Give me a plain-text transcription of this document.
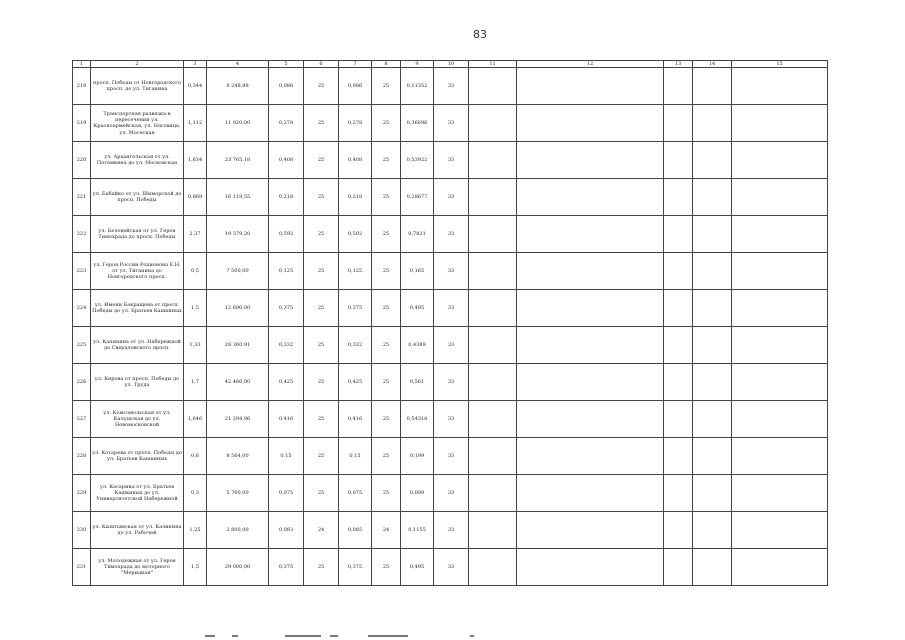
83
1	2	3	4	5	6	7	8	9	10	11	12	13	14	15
218	просп. Победы от Новгородского просп. до ул. Тиганина	0,344	8 248,88	0,086	25	0,086	25	0,11352	33					
219	Транспортная развязка в пересечении ул. Красноармейская, ул. Наговица, ул. Мосеская	1,112	11 920,00	0,278	25	0,278	25	0,36696	33					
220	ул. Архангельская от ул. Потемкина до ул. Московская	1,634	23 765,18	0,408	25	0,408	25	0,53922	33					
221	ул. Бабайко от ул. Шиморской до просп. Победы	0,869	16 119,55	0,218	25	0,218	25	0,28677	33					
222	ул. Беловейская от ул. Героя Тимохрада до просп. Победы	2,37	19 379,20	0,592	25	0,592	25	0,7821	33					
223	ул. Героя России Родионова Е.Н. от ул. Тиганина до Новгородского просп.	0,5	7 500,00	0,125	25	0,125	25	0,165	33					
224	ул. Имени Бакращева от просп. Победы до ул. Братьев Кашкиных	1,5	12 690,00	0,375	25	0,375	25	0,495	33					
225	ул. Капинина от ул. Набережной до Свердловского просп.	1,33	28 360,91	0,332	25	0,332	25	0,4389	33					
226	ул. Кирова от просп. Победы до ул. Труда	1,7	42 466,00	0,425	25	0,425	25	0,561	33					
227	ул. Комсомольская от ул. Калушская до ул. Новомосковской	1,646	21 294,96	0,416	25	0,416	25	0,54318	33					
228	ул. Котарева от просп. Победы до ул. Братьев Кашкиных	0,6	8 564,00	0,15	25	0,15	25	0,199	33					
229	ул. Косарина от ул. Братьев Кашкиных до ул. Университетской Набережной	0,3	5 760,00	0,075	25	0,075	25	0,099	33					
230	ул. Кыштымская от ул. Калинина до ул. Рабочей	1,25	2 800,00	0,083	24	0,085	24	0,1155	33					
231	ул. Молодежная от ул. Героя Тимохрада до моторного "Меридиан"	1,5	29 000,00	0,375	25	0,375	25	0,495	33					
